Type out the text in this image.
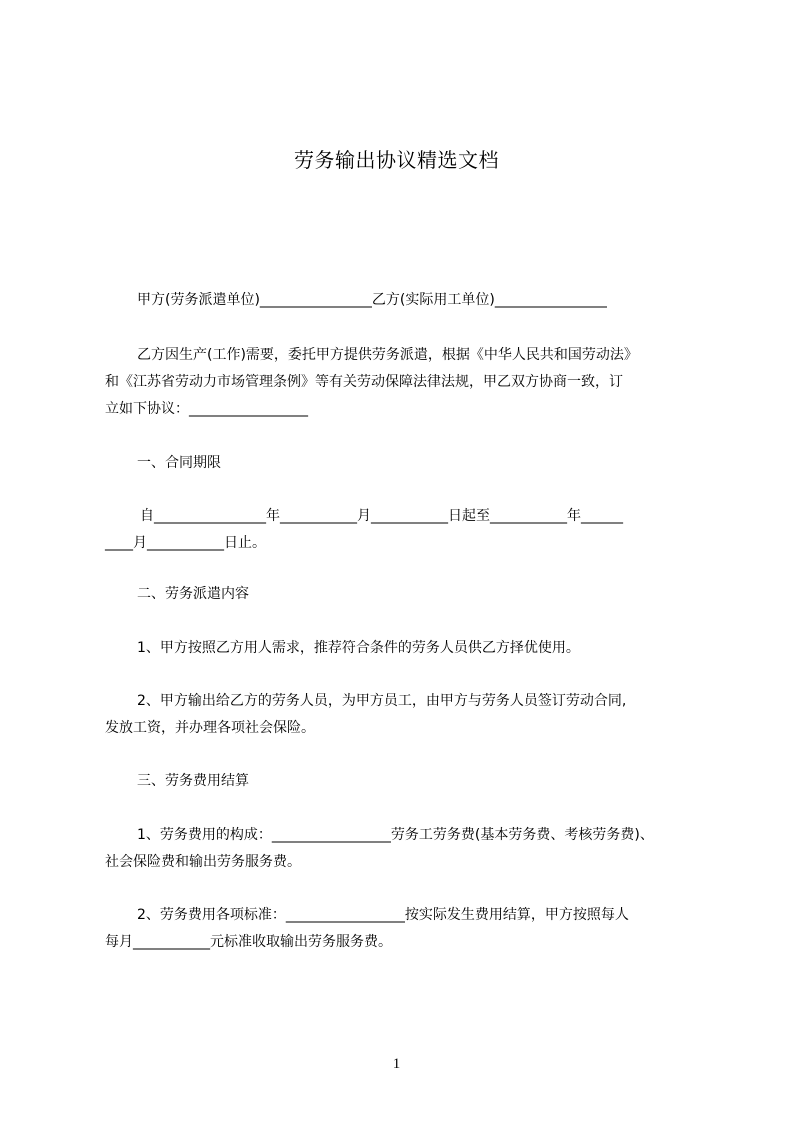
劳务输出协议精选文档
甲方(劳务派遣单位)________________乙方(实际用工单位)________________
乙方因生产(工作)需要，委托甲方提供劳务派遣，根据《中华人民共和国劳动法》
和《江苏省劳动力市场管理条例》等有关劳动保障法律法规，甲乙双方协商一致，订
立如下协议：_________________
一、合同期限
自________________年___________月___________日起至___________年______
____月___________日止。
二、劳务派遣内容
1、甲方按照乙方用人需求，推荐符合条件的劳务人员供乙方择优使用。
2、甲方输出给乙方的劳务人员，为甲方员工，由甲方与劳务人员签订劳动合同,
发放工资，并办理各项社会保险。
三、劳务费用结算
1、劳务费用的构成：_________________劳务工劳务费(基本劳务费、考核劳务费)、
社会保险费和输出劳务服务费。
2、劳务费用各项标准：_________________按实际发生费用结算，甲方按照每人
每月___________元标准收取输出劳务服务费。
1
